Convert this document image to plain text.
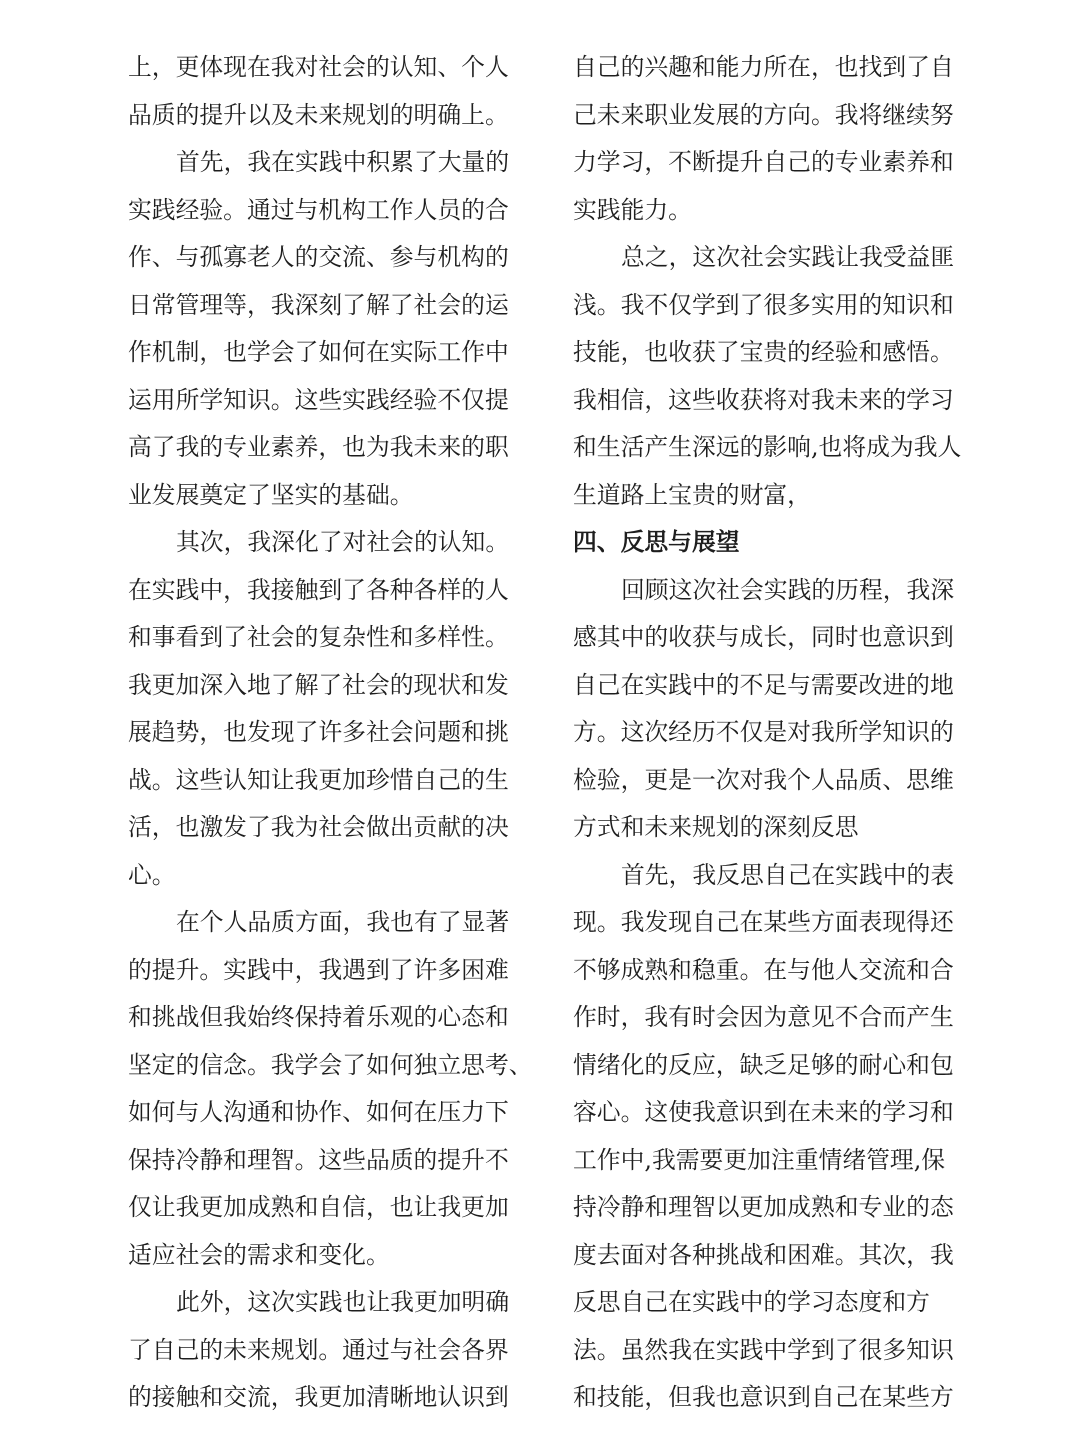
上，更体现在我对社会的认知、个人
品质的提升以及未来规划的明确上。
首先，我在实践中积累了大量的
实践经验。通过与机构工作人员的合
作、与孤寡老人的交流、参与机构的
日常管理等，我深刻了解了社会的运
作机制，也学会了如何在实际工作中
运用所学知识。这些实践经验不仅提
高了我的专业素养，也为我未来的职
业发展奠定了坚实的基础。
其次，我深化了对社会的认知。
在实践中，我接触到了各种各样的人
和事看到了社会的复杂性和多样性。
我更加深入地了解了社会的现状和发
展趋势，也发现了许多社会问题和挑
战。这些认知让我更加珍惜自己的生
活，也激发了我为社会做出贡献的决
心。
在个人品质方面，我也有了显著
的提升。实践中，我遇到了许多困难
和挑战但我始终保持着乐观的心态和
坚定的信念。我学会了如何独立思考、
如何与人沟通和协作、如何在压力下
保持冷静和理智。这些品质的提升不
仅让我更加成熟和自信，也让我更加
适应社会的需求和变化。
此外，这次实践也让我更加明确
了自己的未来规划。通过与社会各界
的接触和交流，我更加清晰地认识到
自己的兴趣和能力所在，也找到了自
己未来职业发展的方向。我将继续努
力学习，不断提升自己的专业素养和
实践能力。
总之，这次社会实践让我受益匪
浅。我不仅学到了很多实用的知识和
技能，也收获了宝贵的经验和感悟。
我相信，这些收获将对我未来的学习
和生活产生深远的影响,也将成为我人
生道路上宝贵的财富，
四、反思与展望
回顾这次社会实践的历程，我深
感其中的收获与成长，同时也意识到
自己在实践中的不足与需要改进的地
方。这次经历不仅是对我所学知识的
检验，更是一次对我个人品质、思维
方式和未来规划的深刻反思
首先，我反思自己在实践中的表
现。我发现自己在某些方面表现得还
不够成熟和稳重。在与他人交流和合
作时，我有时会因为意见不合而产生
情绪化的反应，缺乏足够的耐心和包
容心。这使我意识到在未来的学习和
工作中,我需要更加注重情绪管理,保
持冷静和理智以更加成熟和专业的态
度去面对各种挑战和困难。其次，我
反思自己在实践中的学习态度和方
法。虽然我在实践中学到了很多知识
和技能，但我也意识到自己在某些方
